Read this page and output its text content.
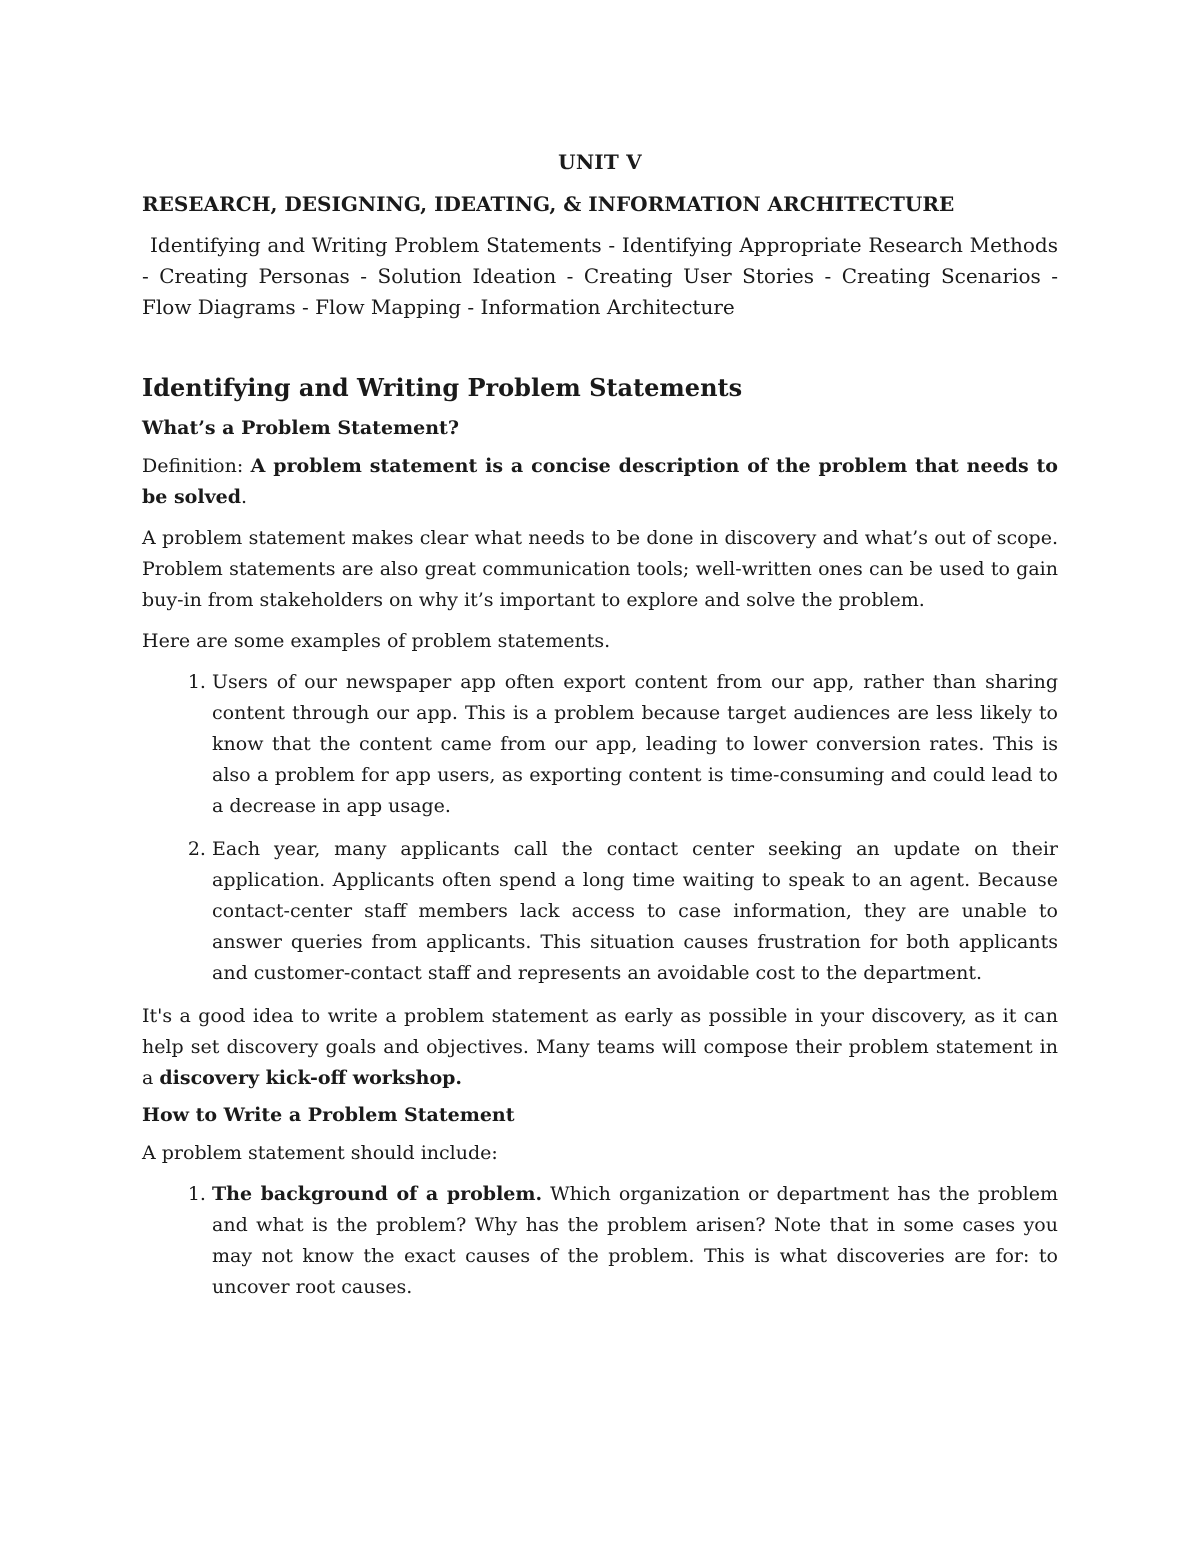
UNIT V
RESEARCH, DESIGNING, IDEATING, & INFORMATION ARCHITECTURE
Identifying and Writing Problem Statements - Identifying Appropriate Research Methods - Creating Personas - Solution Ideation - Creating User Stories - Creating Scenarios - Flow Diagrams - Flow Mapping - Information Architecture
Identifying and Writing Problem Statements
What’s a Problem Statement?

Definition: A problem statement is a concise description of the problem that needs to be solved.

A problem statement makes clear what needs to be done in discovery and what’s out of scope. Problem statements are also great communication tools; well-written ones can be used to gain buy-in from stakeholders on why it’s important to explore and solve the problem.

Here are some examples of problem statements.

1. Users of our newspaper app often export content from our app, rather than sharing content through our app. This is a problem because target audiences are less likely to know that the content came from our app, leading to lower conversion rates. This is also a problem for app users, as exporting content is time-consuming and could lead to a decrease in app usage.
2. Each year, many applicants call the contact center seeking an update on their application. Applicants often spend a long time waiting to speak to an agent. Because contact-center staff members lack access to case information, they are unable to answer queries from applicants. This situation causes frustration for both applicants and customer-contact staff and represents an avoidable cost to the department.

It's a good idea to write a problem statement as early as possible in your discovery, as it can help set discovery goals and objectives. Many teams will compose their problem statement in a discovery kick-off workshop.

How to Write a Problem Statement

A problem statement should include:

1. The background of a problem. Which organization or department has the problem and what is the problem? Why has the problem arisen? Note that in some cases you may not know the exact causes of the problem. This is what discoveries are for: to uncover root causes.
